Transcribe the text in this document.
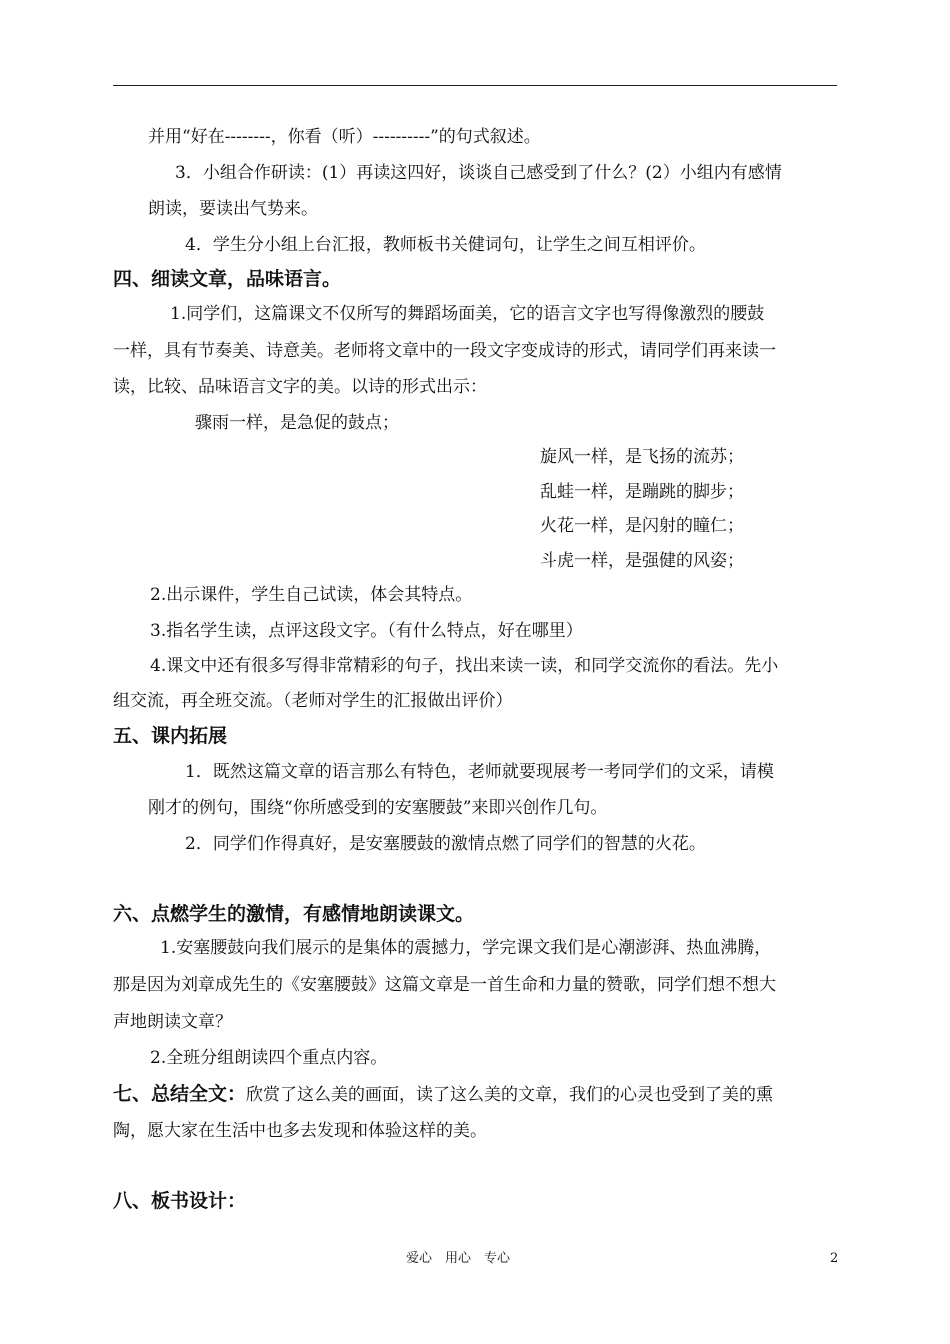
并用“好在--------，你看（听）----------”的句式叙述。
3．小组合作研读：(1）再读这四好，谈谈自己感受到了什么？(2）小组内有感情
朗读，要读出气势来。
4．学生分小组上台汇报，教师板书关健词句，让学生之间互相评价。
四、细读文章，品味语言。
1.同学们，这篇课文不仅所写的舞蹈场面美，它的语言文字也写得像激烈的腰鼓
一样，具有节奏美、诗意美。老师将文章中的一段文字变成诗的形式，请同学们再来读一
读，比较、品味语言文字的美。以诗的形式出示：
骤雨一样，是急促的鼓点；
旋风一样，是飞扬的流苏；
乱蛙一样，是蹦跳的脚步；
火花一样，是闪射的瞳仁；
斗虎一样，是强健的风姿；
2.出示课件，学生自己试读，体会其特点。
3.指名学生读，点评这段文字。（有什么特点，好在哪里）
4.课文中还有很多写得非常精彩的句子，找出来读一读，和同学交流你的看法。先小
组交流，再全班交流。（老师对学生的汇报做出评价）
五、课内拓展
1．既然这篇文章的语言那么有特色，老师就要现展考一考同学们的文采，请模
刚才的例句，围绕“你所感受到的安塞腰鼓”来即兴创作几句。
2．同学们作得真好，是安塞腰鼓的激情点燃了同学们的智慧的火花。
六、点燃学生的激情，有感情地朗读课文。
1.安塞腰鼓向我们展示的是集体的震撼力，学完课文我们是心潮澎湃、热血沸腾，
那是因为刘章成先生的《安塞腰鼓》这篇文章是一首生命和力量的赞歌，同学们想不想大
声地朗读文章？
2.全班分组朗读四个重点内容。
七、总结全文：欣赏了这么美的画面，读了这么美的文章，我们的心灵也受到了美的熏
陶，愿大家在生活中也多去发现和体验这样的美。
八、板书设计：
爱心　用心　专心	2
